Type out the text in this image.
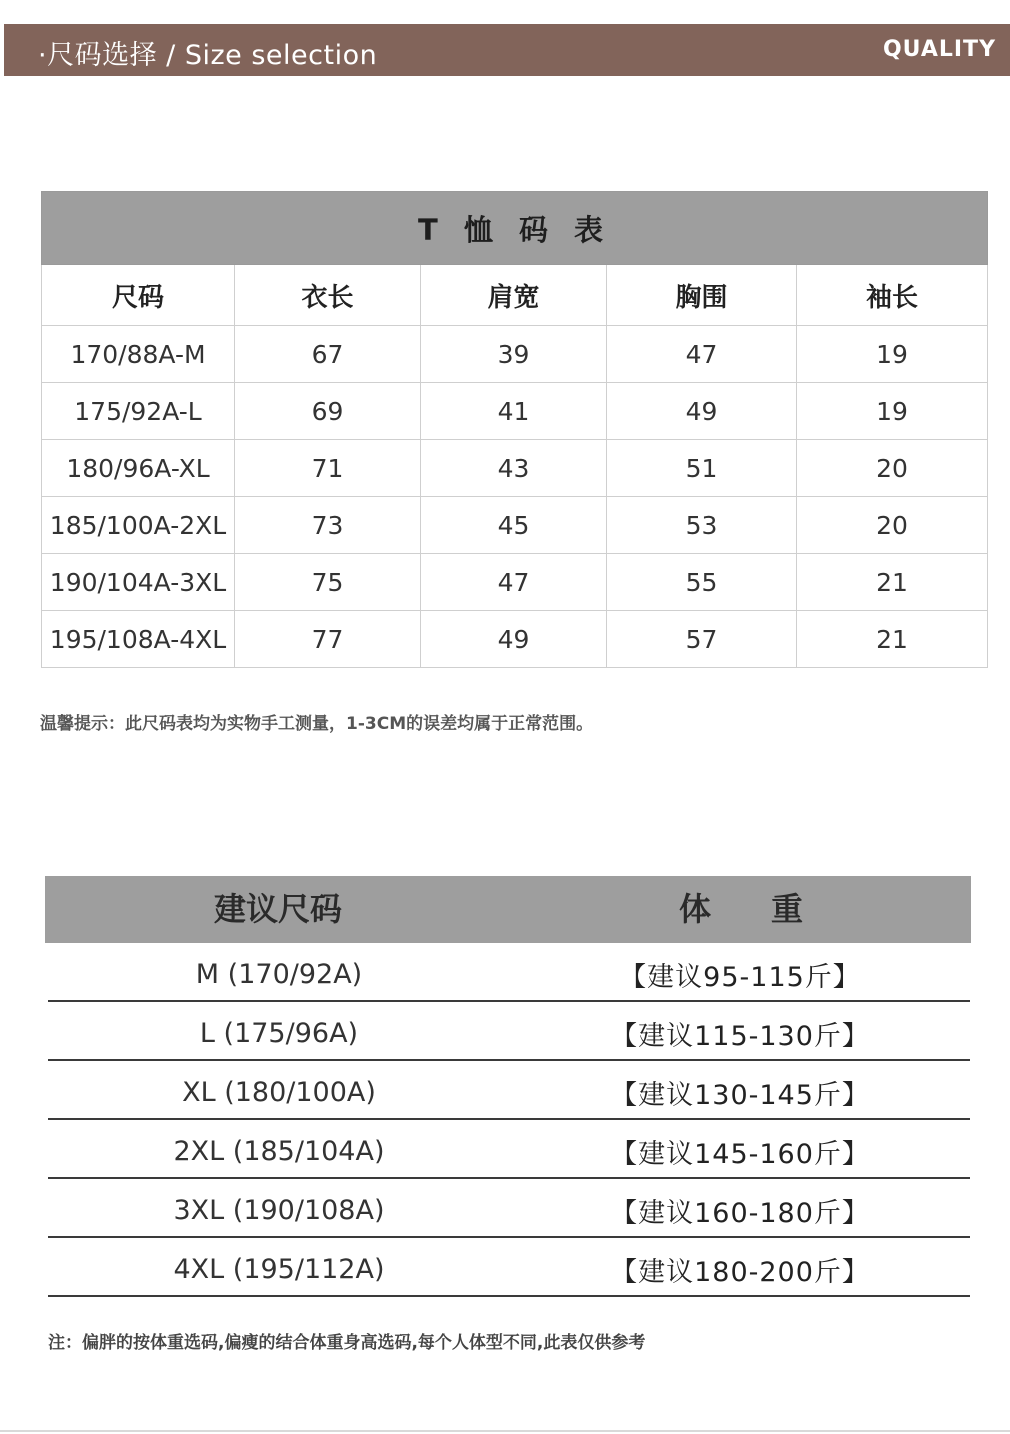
·尺码选择 / Size selection	QUALITY
T 恤 码 表				
尺码	衣长	肩宽	胸围	袖长
170/88A-M	67	39	47	19
175/92A-L	69	41	49	19
180/96A-XL	71	43	51	20
185/100A-2XL	73	45	53	20
190/104A-3XL	75	47	55	21
195/108A-4XL	77	49	57	21
温馨提示：此尺码表均为实物手工测量，1-3CM的误差均属于正常范围。
建议尺码	体重
M (170/92A)	【建议95-115斤】
L (175/96A)	【建议115-130斤】
XL (180/100A)	【建议130-145斤】
2XL (185/104A)	【建议145-160斤】
3XL (190/108A)	【建议160-180斤】
4XL (195/112A)	【建议180-200斤】
注：偏胖的按体重选码,偏瘦的结合体重身高选码,每个人体型不同,此表仅供参考
